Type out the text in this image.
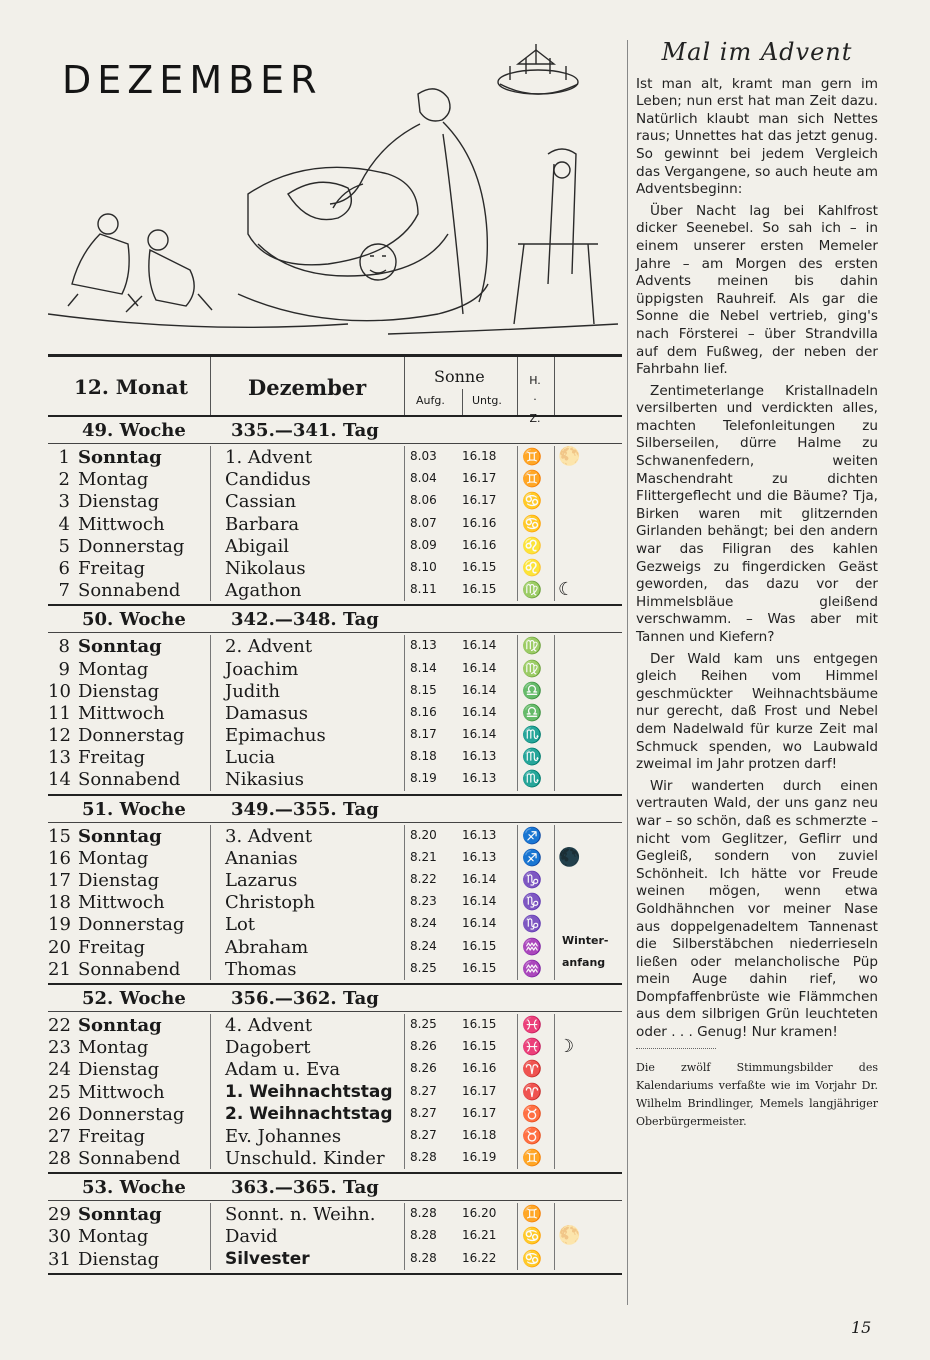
DEZEMBER
12. Monat	Dezember	Sonne
Aufg. Untg.
H.· Z.
49. Woche	335.—341. Tag
1 Sonntag	1. Advent	8.03 16.18 ♊ 🌕
2 Montag	Candidus	8.04 16.17 ♊
3 Dienstag	Cassian	8.06 16.17 ♋
4 Mittwoch	Barbara	8.07 16.16 ♋
5 Donnerstag Abigail	8.09 16.16 ♌
6 Freitag	Nikolaus	8.10 16.15 ♌
7 Sonnabend Agathon	8.11 16.15 ♍ ☾
50. Woche	342.—348. Tag
8 Sonntag	2. Advent	8.13 16.14 ♍
9 Montag	Joachim	8.14 16.14 ♍
10 Dienstag	Judith	8.15 16.14 ♎
11 Mittwoch	Damasus	8.16 16.14 ♎
12 Donnerstag Epimachus	8.17 16.14 ♏
13 Freitag	Lucia	8.18 16.13 ♏
14 Sonnabend Nikasius	8.19 16.13 ♏
51. Woche	349.—355. Tag
15 Sonntag	3. Advent	8.20 16.13 ♐
16 Montag	Ananias	8.21 16.13 ♐ 🌑
17 Dienstag	Lazarus	8.22 16.14 ♑
18 Mittwoch	Christoph	8.23 16.14 ♑
19 Donnerstag Lot	8.24 16.14 ♑
20 Freitag	Abraham	8.24 16.15 ♒ Winter-
21 Sonnabend Thomas	8.25 16.15 ♒ anfang
52. Woche	356.—362. Tag
22 Sonntag	4. Advent	8.25 16.15 ♓
23 Montag	Dagobert	8.26 16.15 ♓ ☽
24 Dienstag	Adam u. Eva	8.26 16.16 ♈
25 Mittwoch	1. Weihnachtstag 8.27 16.17 ♈
26 Donnerstag 2. Weihnachtstag 8.27 16.17 ♉
27 Freitag	Ev. Johannes	8.27 16.18 ♉
28 Sonnabend Unschuld. Kinder 8.28 16.19 ♊
53. Woche	363.—365. Tag
29 Sonntag	Sonnt. n. Weihn.	8.28 16.20 ♊
30 Montag	David	8.28 16.21 ♋ 🌕
31 Dienstag	Silvester	8.28 16.22 ♋
Mal im Advent

Ist man alt, kramt man gern im Leben; nun erst hat man Zeit dazu. Natürlich klaubt man sich Nettes raus; Unnettes hat das jetzt genug. So gewinnt bei jedem Vergleich das Vergangene, so auch heute am Adventsbeginn:

Über Nacht lag bei Kahlfrost dicker Seenebel. So sah ich – in einem unserer ersten Memeler Jahre – am Morgen des ersten Advents meinen bis dahin üppigsten Rauhreif. Als gar die Sonne die Nebel vertrieb, ging's nach Försterei – über Strandvilla auf dem Fußweg, der neben der Fahrbahn lief.

Zentimeterlange Kristallnadeln versilberten und verdickten alles, machten Telefonleitungen zu Silberseilen, dürre Halme zu Schwanenfedern, weiten Maschendraht zu dichten Flittergeflecht und die Bäume? Tja, Birken waren mit glitzernden Girlanden behängt; bei den andern war das Filigran des kahlen Gezweigs zu fingerdicken Geäst geworden, das dazu vor der Himmelsbläue gleißend verschwamm. – Was aber mit Tannen und Kiefern?

Der Wald kam uns entgegen gleich Reihen vom Himmel geschmückter Weihnachtsbäume nur gerecht, daß Frost und Nebel dem Nadelwald für kurze Zeit mal Schmuck spenden, wo Laubwald zweimal im Jahr protzen darf!

Wir wanderten durch einen vertrauten Wald, der uns ganz neu war – so schön, daß es schmerzte – nicht vom Geglitzer, Geflirr und Gegleiß, sondern von zuviel Schönheit. Ich hätte vor Freude weinen mögen, wenn etwa Goldhähnchen vor meiner Nase aus doppelgenadeltem Tannenast die Silberstäbchen niederrieseln ließen oder melancholische Püp mein Auge dahin rief, wo Dompfaffenbrüste wie Flämmchen aus dem silbrigen Grün leuchteten oder . . . Genug! Nur kramen!

Die zwölf Stimmungsbilder des Kalendariums verfaßte wie im Vorjahr Dr. Wilhelm Brindlinger, Memels langjähriger Oberbürgermeister.

15
